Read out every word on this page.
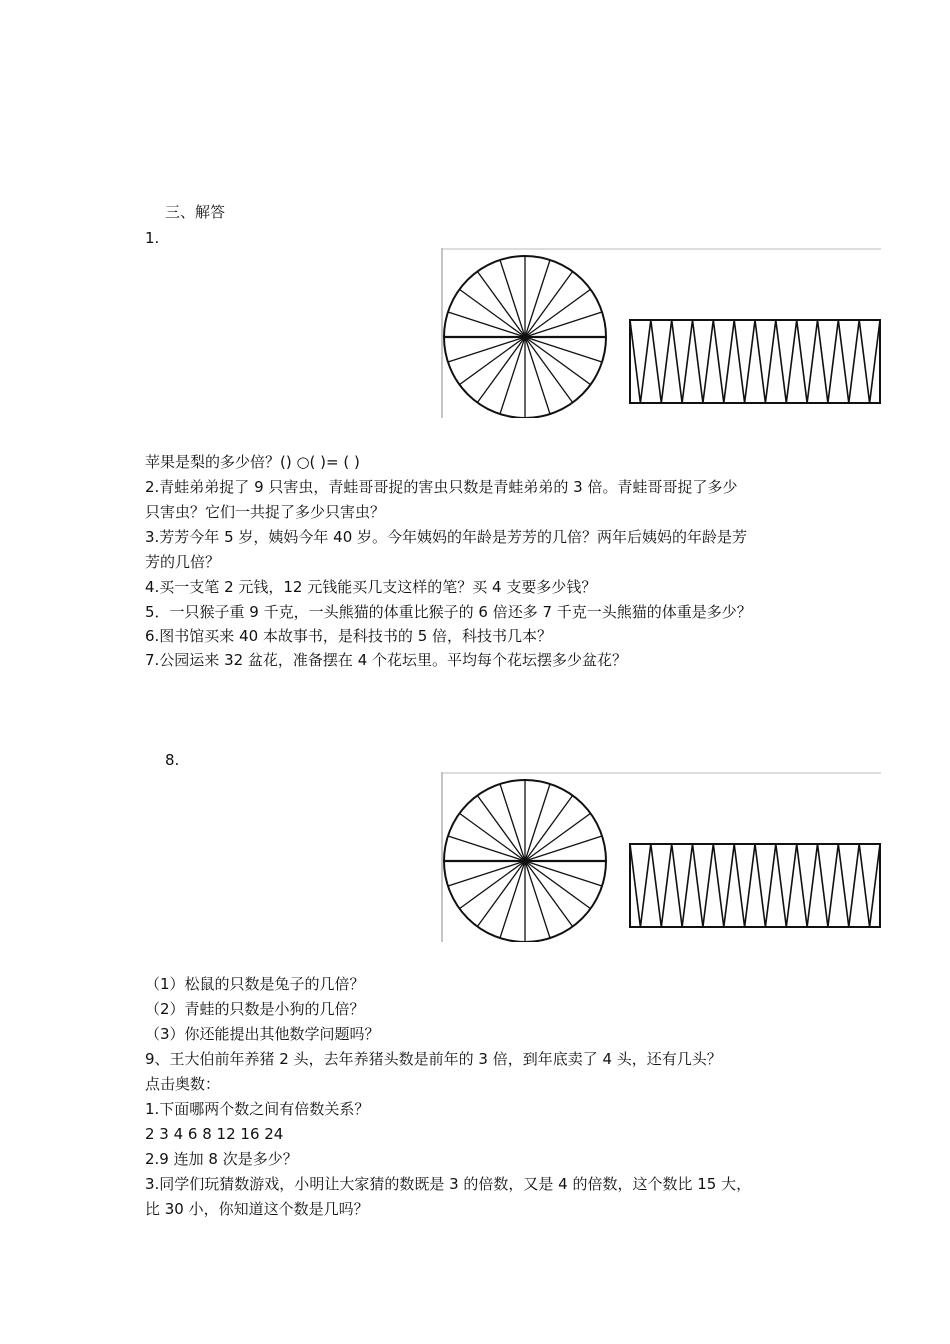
三、解答
1.
苹果是梨的多少倍？() ○( )= ( )
2.青蛙弟弟捉了 9 只害虫，青蛙哥哥捉的害虫只数是青蛙弟弟的 3 倍。青蛙哥哥捉了多少
只害虫？它们一共捉了多少只害虫？
3.芳芳今年 5 岁，姨妈今年 40 岁。今年姨妈的年龄是芳芳的几倍？两年后姨妈的年龄是芳
芳的几倍？
4.买一支笔 2 元钱，12 元钱能买几支这样的笔？买 4 支要多少钱？
5．一只猴子重 9 千克，一头熊猫的体重比猴子的 6 倍还多 7 千克一头熊猫的体重是多少？
6.图书馆买来 40 本故事书，是科技书的 5 倍，科技书几本？
7.公园运来 32 盆花，准备摆在 4 个花坛里。平均每个花坛摆多少盆花？
8.
（1）松鼠的只数是兔子的几倍？
（2）青蛙的只数是小狗的几倍？
（3）你还能提出其他数学问题吗？
9、王大伯前年养猪 2 头，去年养猪头数是前年的 3 倍，到年底卖了 4 头，还有几头？
点击奥数：
1.下面哪两个数之间有倍数关系？
2 3 4 6 8 12 16 24
2.9 连加 8 次是多少？
3.同学们玩猜数游戏，小明让大家猜的数既是 3 的倍数，又是 4 的倍数，这个数比 15 大，
比 30 小，你知道这个数是几吗？
